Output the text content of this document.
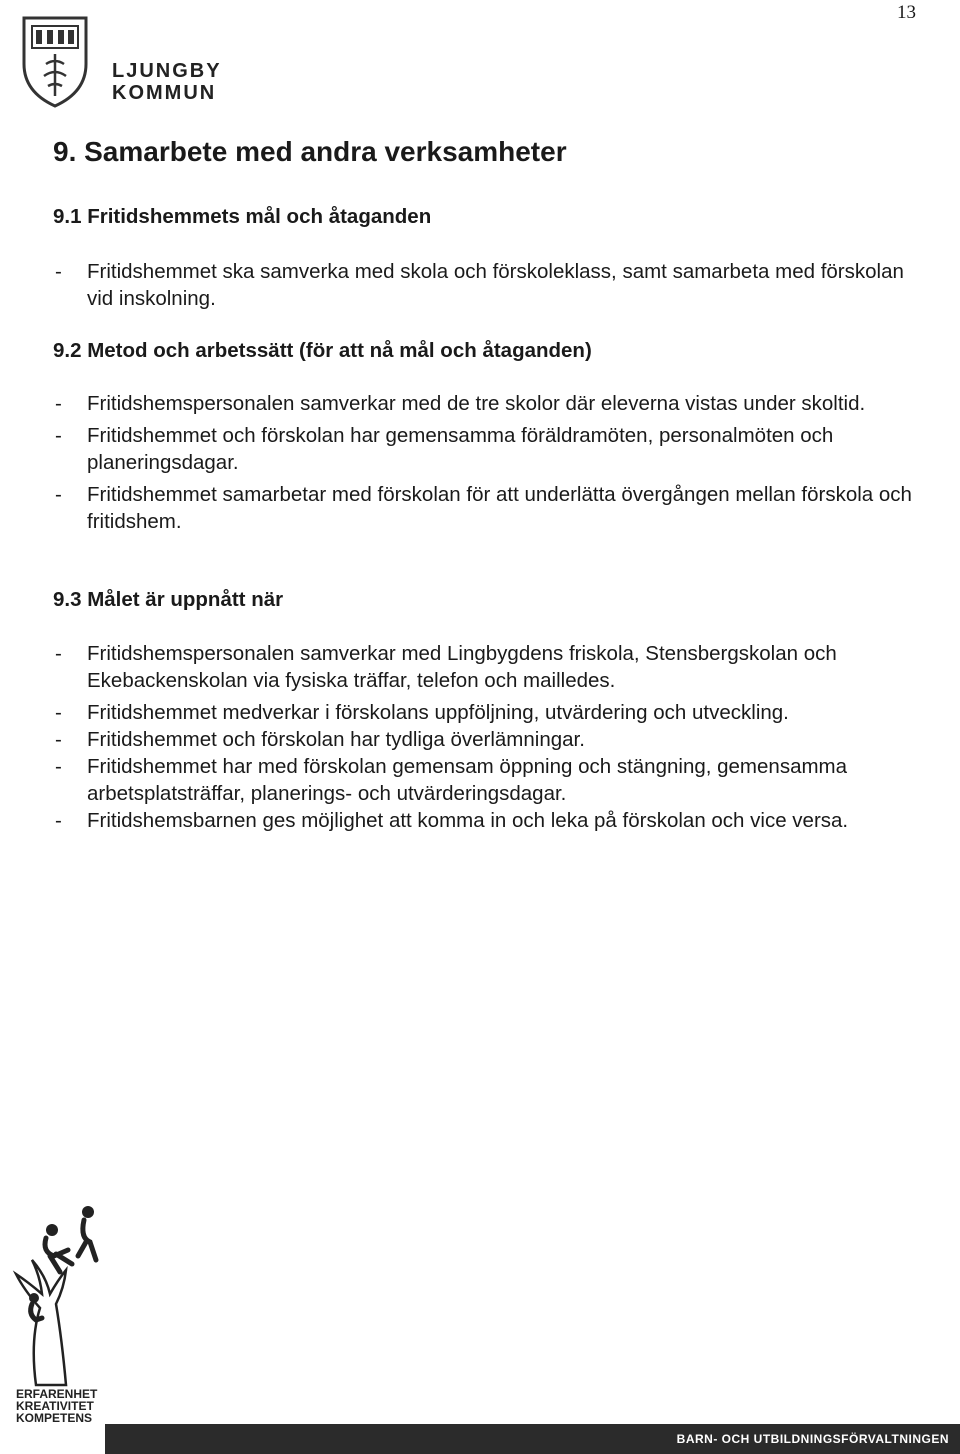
13
LJUNGBY
KOMMUN
9. Samarbete med andra verksamheter
9.1 Fritidshemmets mål och åtaganden
- Fritidshemmet ska samverka med skola och förskoleklass, samt samarbeta med förskolan vid inskolning.
9.2 Metod och arbetssätt (för att nå mål och åtaganden)
- Fritidshemspersonalen samverkar med de tre skolor där eleverna vistas under skoltid.
- Fritidshemmet och förskolan har gemensamma föräldramöten, personalmöten och planeringsdagar.
- Fritidshemmet samarbetar med förskolan för att underlätta övergången mellan förskola och fritidshem.
9.3 Målet är uppnått när
- Fritidshemspersonalen samverkar med Lingbygdens friskola, Stensbergskolan och Ekebackenskolan via fysiska träffar, telefon och mailledes.
- Fritidshemmet medverkar i förskolans uppföljning, utvärdering och utveckling.
- Fritidshemmet och förskolan har tydliga överlämningar.
- Fritidshemmet har med förskolan gemensam öppning och stängning, gemensamma arbetsplatsträffar, planerings- och utvärderingsdagar.
- Fritidshemsbarnen ges möjlighet att komma in och leka på förskolan och vice versa.
ERFARENHET
KREATIVITET
KOMPETENS
BARN- OCH UTBILDNINGSFÖRVALTNINGEN
